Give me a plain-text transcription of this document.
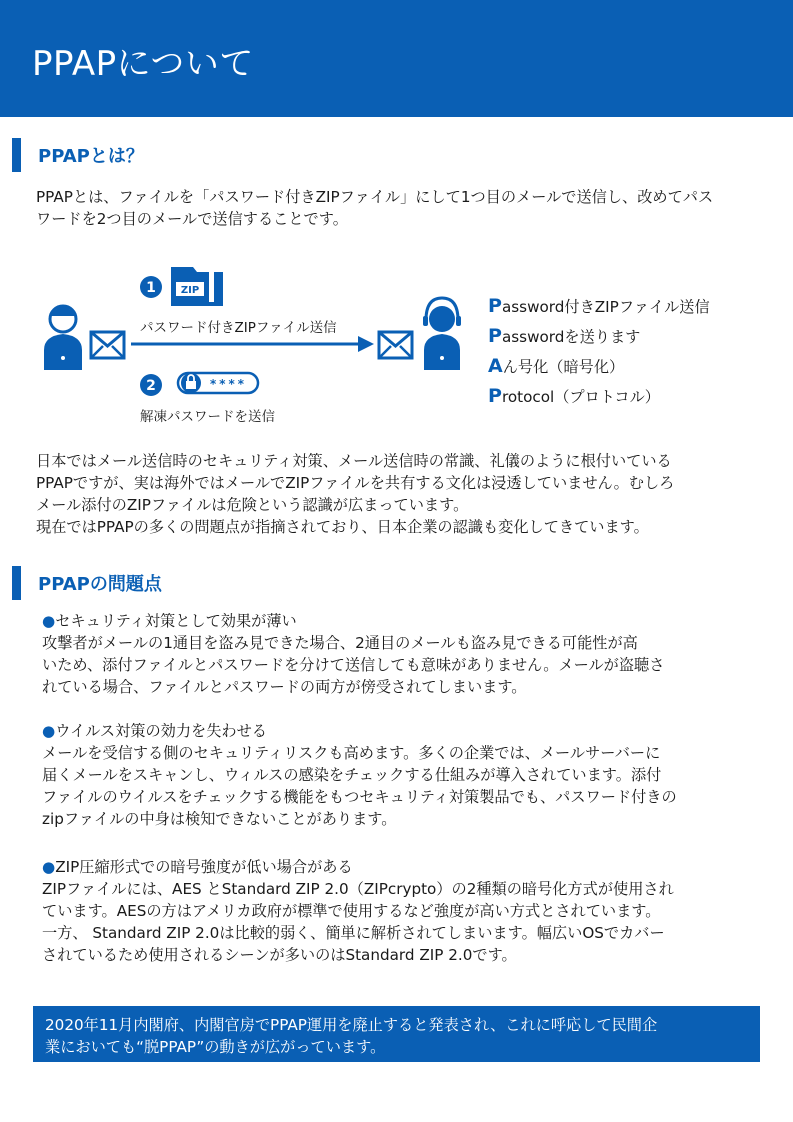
PPAPについて
PPAPとは？

PPAPとは、ファイルを「パスワード付きZIPファイル」にして1つ目のメールで送信し、改めてパス

ワードを2つ目のメールで送信することです。

1 ZIP
2	****
パスワード付きZIPファイル送信
解凍パスワードを送信
Password付きZIPファイル送信
Passwordを送ります
Aん号化（暗号化）
Protocol（プロトコル）

日本ではメール送信時のセキュリティ対策、メール送信時の常識、礼儀のように根付いている

PPAPですが、実は海外ではメールでZIPファイルを共有する文化は浸透していません。むしろ

メール添付のZIPファイルは危険という認識が広まっています。

現在ではPPAPの多くの問題点が指摘されており、日本企業の認識も変化してきています。

PPAPの問題点

●セキュリティ対策として効果が薄い

攻撃者がメールの1通目を盗み見できた場合、2通目のメールも盗み見できる可能性が高

いため、添付ファイルとパスワードを分けて送信しても意味がありません。メールが盗聴さ

れている場合、ファイルとパスワードの両方が傍受されてしまいます。

●ウイルス対策の効力を失わせる

メールを受信する側のセキュリティリスクも高めます。多くの企業では、メールサーバーに

届くメールをスキャンし、ウィルスの感染をチェックする仕組みが導入されています。添付

ファイルのウイルスをチェックする機能をもつセキュリティ対策製品でも、パスワード付きの

zipファイルの中身は検知できないことがあります。

●ZIP圧縮形式での暗号強度が低い場合がある

ZIPファイルには、AES とStandard ZIP 2.0（ZIPcrypto）の2種類の暗号化方式が使用され

ています。AESの方はアメリカ政府が標準で使用するなど強度が高い方式とされています。

一方、 Standard ZIP 2.0は比較的弱く、簡単に解析されてしまいます。幅広いOSでカバー

されているため使用されるシーンが多いのはStandard ZIP 2.0です。

2020年11月内閣府、内閣官房でPPAP運用を廃止すると発表され、これに呼応して民間企
業においても“脱PPAP”の動きが広がっています。
